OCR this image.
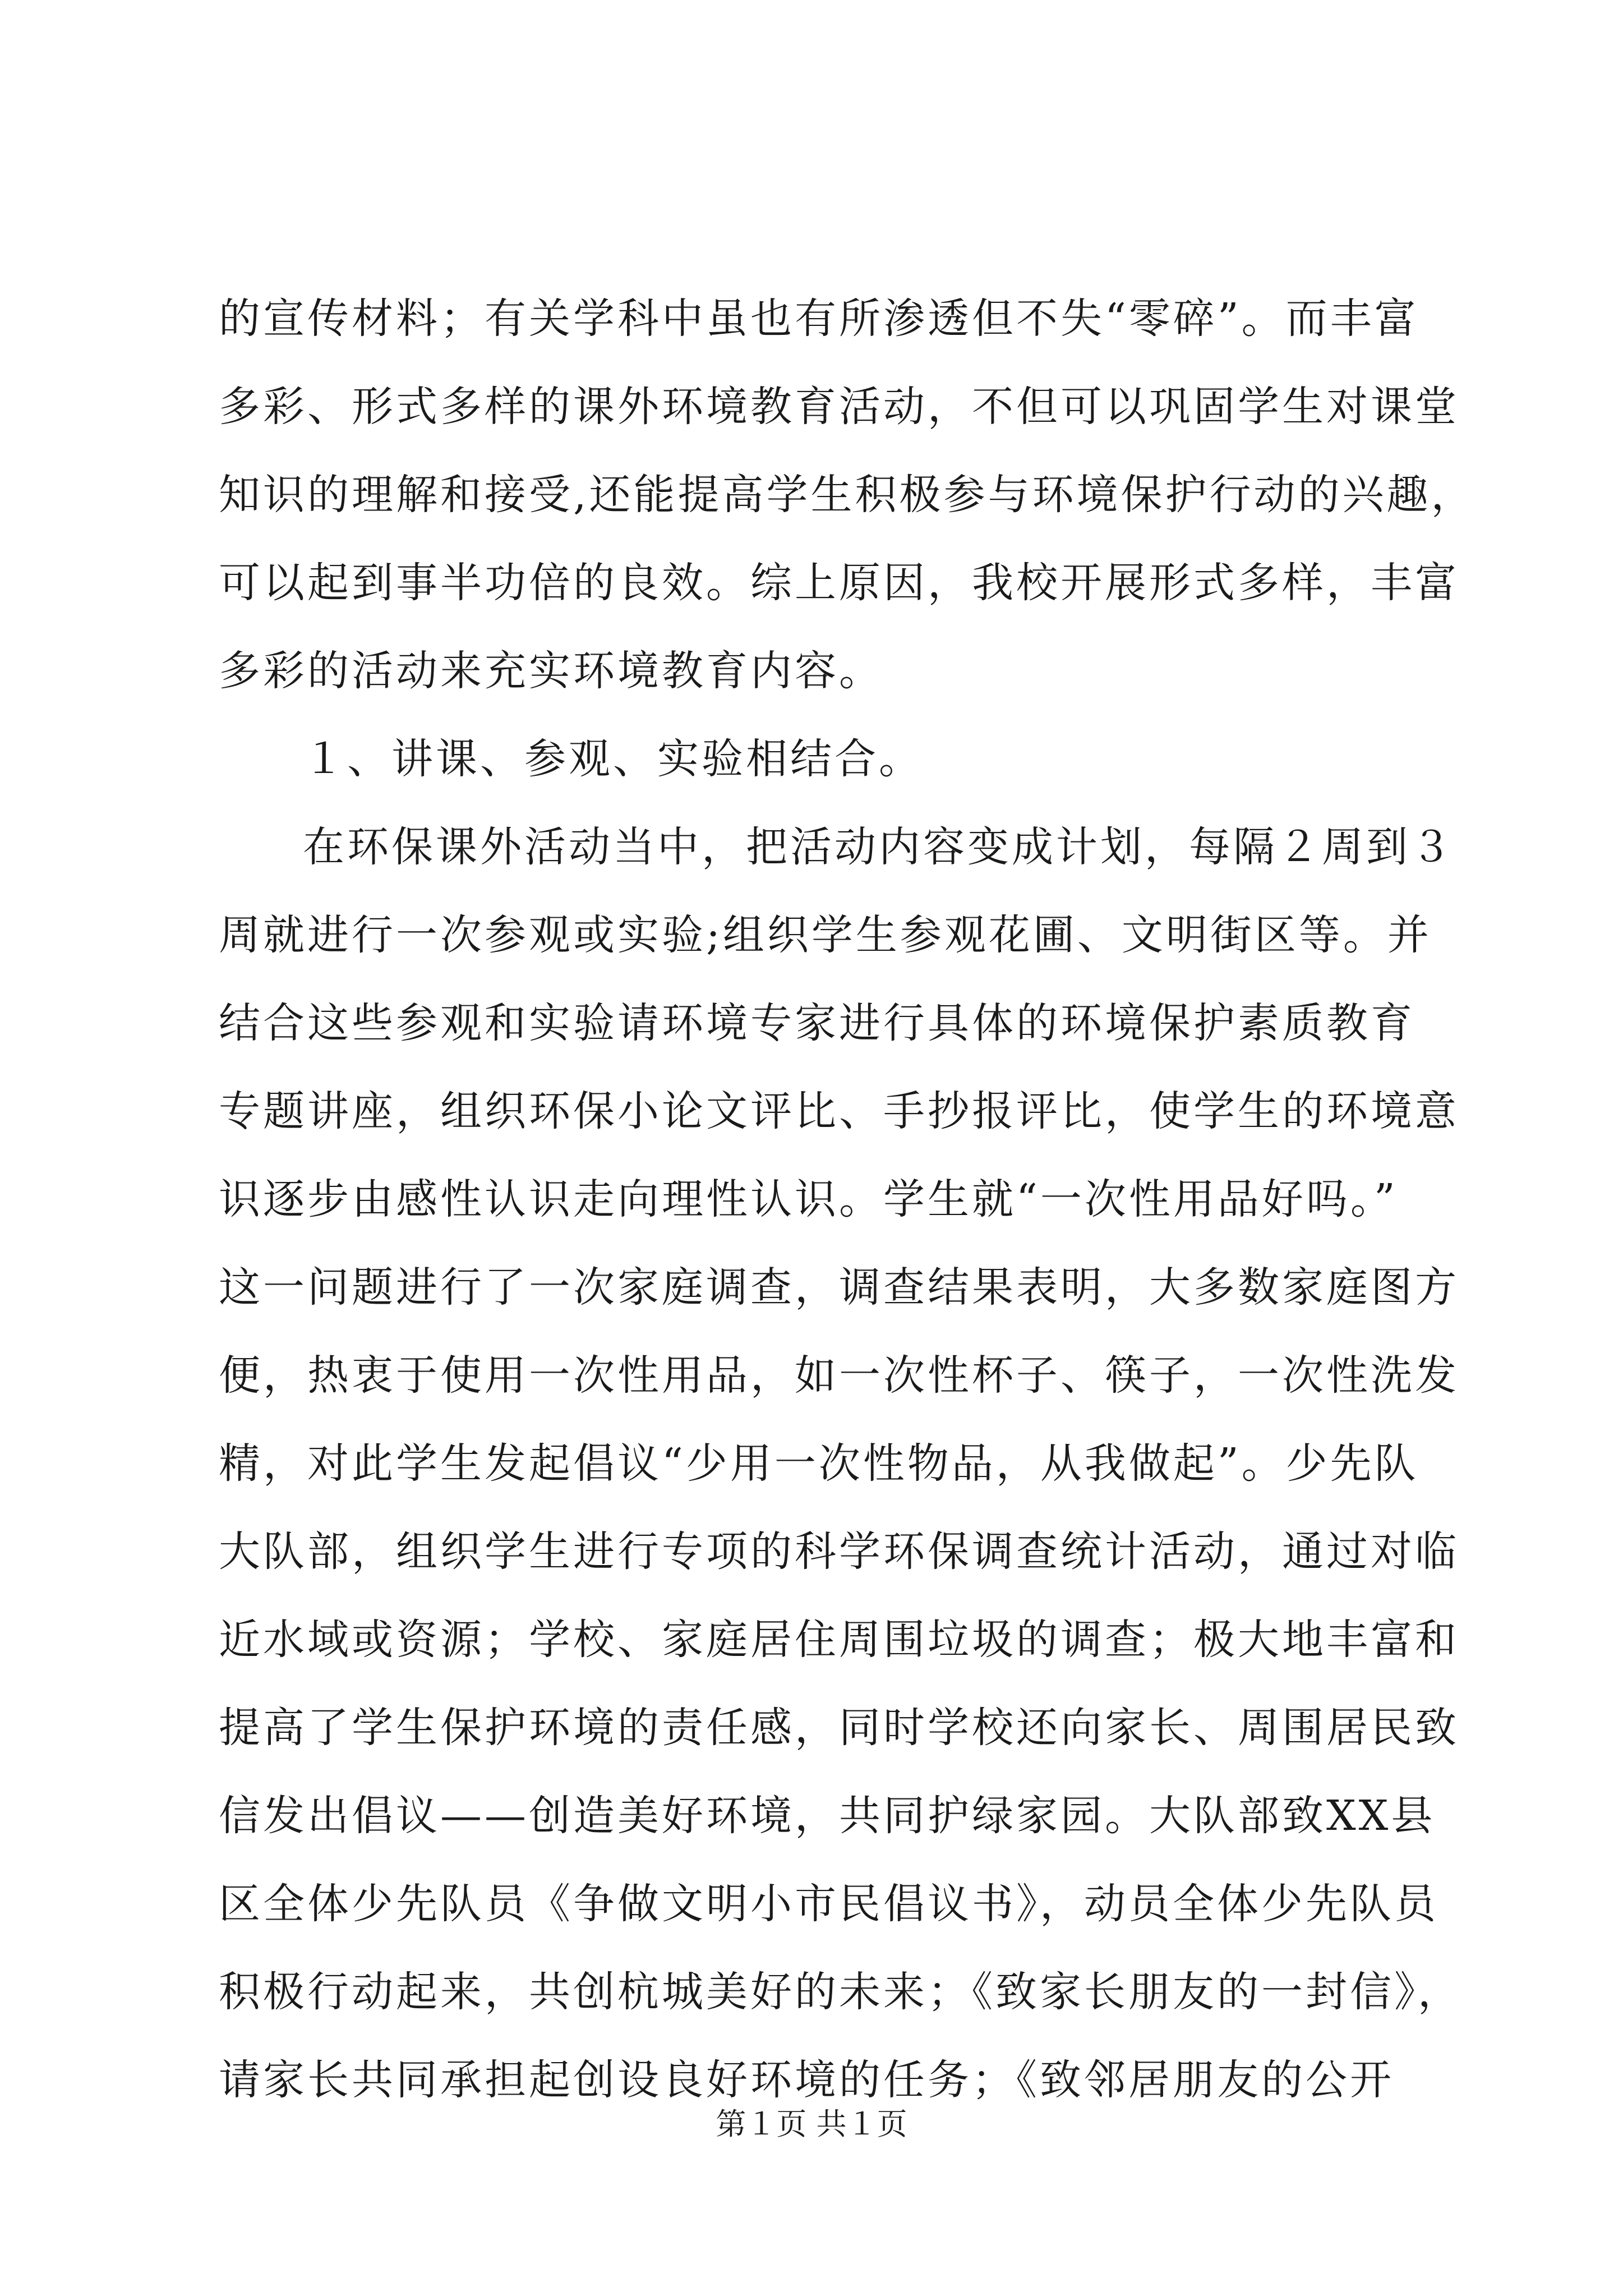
的宣传材料；有关学科中虽也有所渗透但不失“零碎”。而丰富
多彩、形式多样的课外环境教育活动，不但可以巩固学生对课堂
知识的理解和接受,还能提高学生积极参与环境保护行动的兴趣，
可以起到事半功倍的良效。综上原因，我校开展形式多样，丰富
多彩的活动来充实环境教育内容。
１、讲课、参观、实验相结合。
在环保课外活动当中，把活动内容变成计划，每隔２周到３
周就进行一次参观或实验;组织学生参观花圃、文明街区等。并
结合这些参观和实验请环境专家进行具体的环境保护素质教育
专题讲座，组织环保小论文评比、手抄报评比，使学生的环境意
识逐步由感性认识走向理性认识。学生就“一次性用品好吗。”
这一问题进行了一次家庭调查，调查结果表明，大多数家庭图方
便，热衷于使用一次性用品，如一次性杯子、筷子，一次性洗发
精，对此学生发起倡议“少用一次性物品，从我做起”。少先队
大队部，组织学生进行专项的科学环保调查统计活动，通过对临
近水域或资源；学校、家庭居住周围垃圾的调查；极大地丰富和
提高了学生保护环境的责任感，同时学校还向家长、周围居民致
信发出倡议——创造美好环境，共同护绿家园。大队部致XX县
区全体少先队员《争做文明小市民倡议书》，动员全体少先队员
积极行动起来，共创杭城美好的未来；《致家长朋友的一封信》，
请家长共同承担起创设良好环境的任务；《致邻居朋友的公开
第１页 共１页
